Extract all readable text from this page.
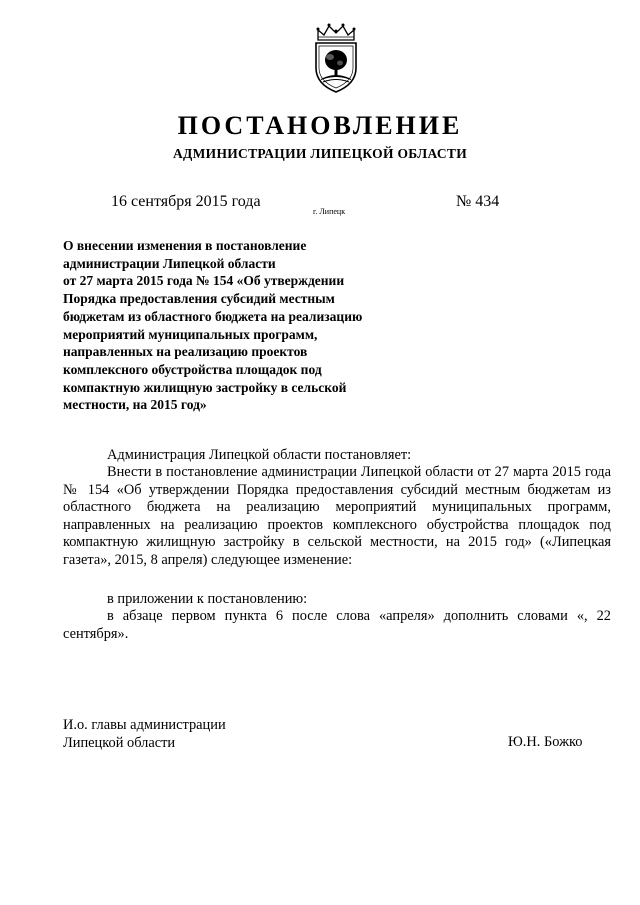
ПОСТАНОВЛЕНИЕ
АДМИНИСТРАЦИИ ЛИПЕЦКОЙ ОБЛАСТИ
16 сентября 2015 года
г. Липецк
№ 434
О внесении изменения в постановление
администрации Липецкой области
от 27 марта 2015 года № 154 «Об утверждении
Порядка предоставления субсидий местным
бюджетам из областного бюджета на реализацию
мероприятий муниципальных программ,
направленных на реализацию проектов
комплексного обустройства площадок под
компактную жилищную застройку в сельской
местности, на 2015 год»
Администрация Липецкой области постановляет:
Внести в постановление администрации Липецкой области от 27 марта 2015 года № 154 «Об утверждении Порядка предоставления субсидий местным бюджетам из областного бюджета на реализацию мероприятий муниципальных программ, направленных на реализацию проектов комплексного обустройства площадок под компактную жилищную застройку в сельской местности, на 2015 год» («Липецкая газета», 2015, 8 апреля) следующее изменение:
в приложении к постановлению:
в абзаце первом пункта 6 после слова «апреля» дополнить словами «, 22 сентября».
И.о. главы администрации
Липецкой области	Ю.Н. Божко
